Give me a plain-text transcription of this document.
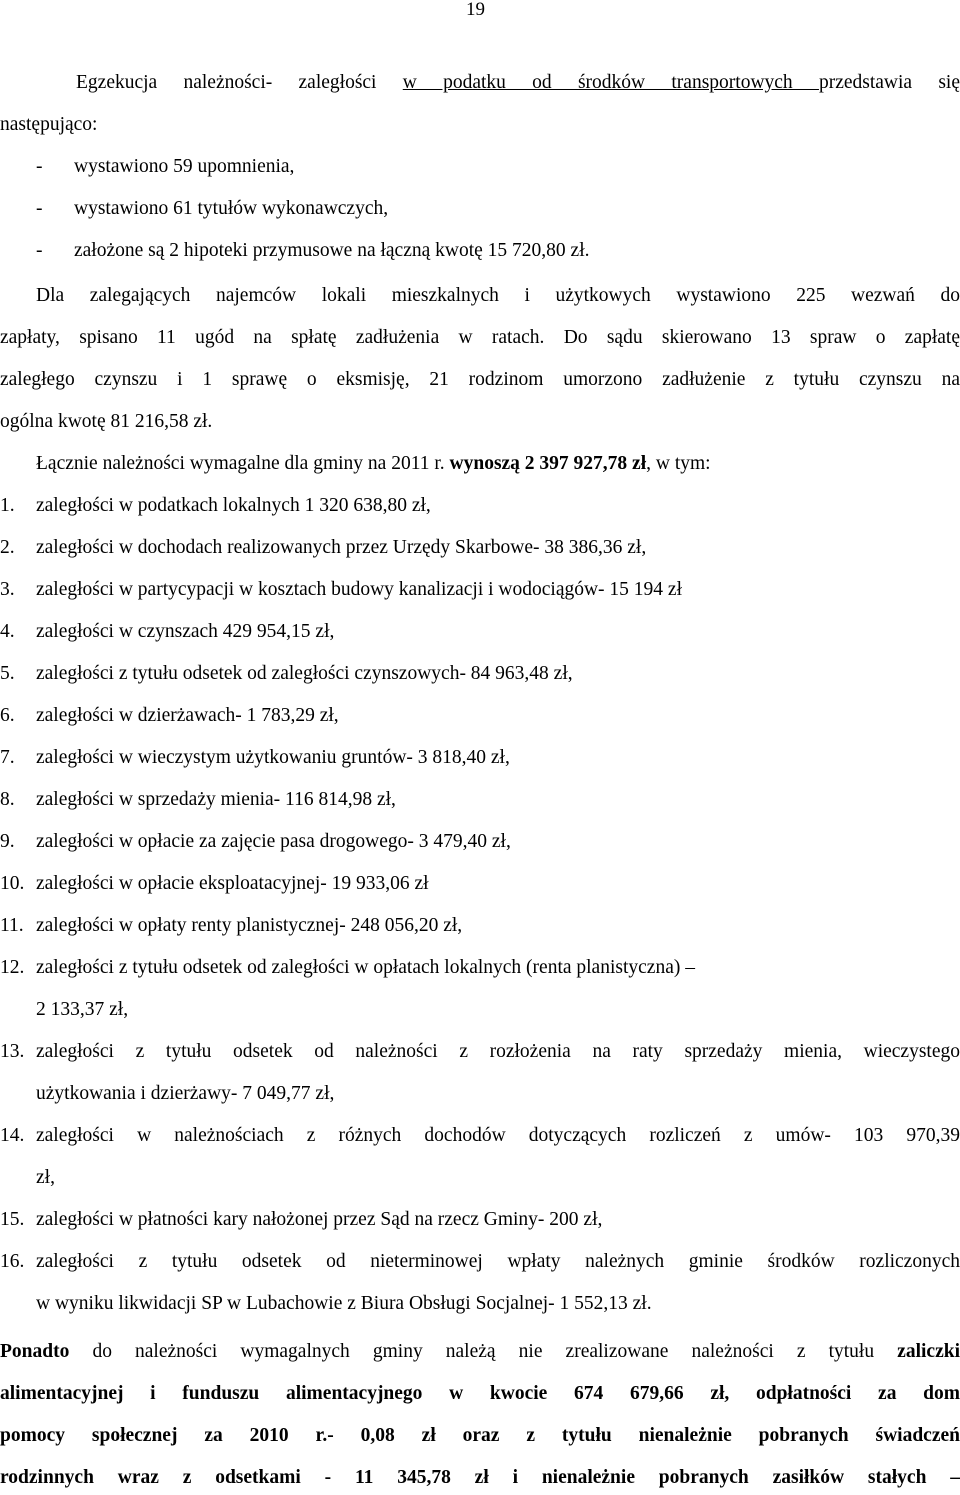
19

Egzekucja należności- zaległości w podatku od środków transportowych przedstawia się

następująco:

- wystawiono 59 upomnienia,

- wystawiono 61 tytułów wykonawczych,

- założone są 2 hipoteki przymusowe na łączną kwotę 15 720,80 zł.

Dla zalegających najemców lokali mieszkalnych i użytkowych wystawiono 225 wezwań do

zapłaty, spisano 11 ugód na spłatę zadłużenia w ratach. Do sądu skierowano 13 spraw o zapłatę

zaległego czynszu i 1 sprawę o eksmisję, 21 rodzinom umorzono zadłużenie z tytułu czynszu na

ogólna kwotę 81 216,58 zł.

Łącznie należności wymagalne dla gminy na 2011 r. wynoszą 2 397 927,78 zł, w tym:

1. zaległości w podatkach lokalnych 1 320 638,80 zł,

2. zaległości w dochodach realizowanych przez Urzędy Skarbowe- 38 386,36 zł,

3. zaległości w partycypacji w kosztach budowy kanalizacji i wodociągów- 15 194 zł

4. zaległości w czynszach 429 954,15 zł,

5. zaległości z tytułu odsetek od zaległości czynszowych- 84 963,48 zł,

6. zaległości w dzierżawach- 1 783,29 zł,

7. zaległości w wieczystym użytkowaniu gruntów- 3 818,40 zł,

8. zaległości w sprzedaży mienia- 116 814,98 zł,

9. zaległości w opłacie za zajęcie pasa drogowego- 3 479,40 zł,

10. zaległości w opłacie eksploatacyjnej- 19 933,06 zł

11. zaległości w opłaty renty planistycznej- 248 056,20 zł,

12. zaległości z tytułu odsetek od zaległości w opłatach lokalnych (renta planistyczna) –

2 133,37 zł,

13. zaległości z tytułu odsetek od należności z rozłożenia na raty sprzedaży mienia, wieczystego

użytkowania i dzierżawy- 7 049,77 zł,

14. zaległości w należnościach z różnych dochodów dotyczących rozliczeń z umów- 103 970,39

zł,

15. zaległości w płatności kary nałożonej przez Sąd na rzecz Gminy- 200 zł,

16. zaległości z tytułu odsetek od nieterminowej wpłaty należnych gminie środków rozliczonych

w wyniku likwidacji SP w Lubachowie z Biura Obsługi Socjalnej- 1 552,13 zł.

Ponadto do należności wymagalnych gminy należą nie zrealizowane należności z tytułu zaliczki

alimentacyjnej i funduszu alimentacyjnego w kwocie 674 679,66 zł, odpłatności za dom

pomocy społecznej za 2010 r.- 0,08 zł oraz z tytułu nienależnie pobranych świadczeń

rodzinnych wraz z odsetkami - 11 345,78 zł i nienależnie pobranych zasiłków stałych –
